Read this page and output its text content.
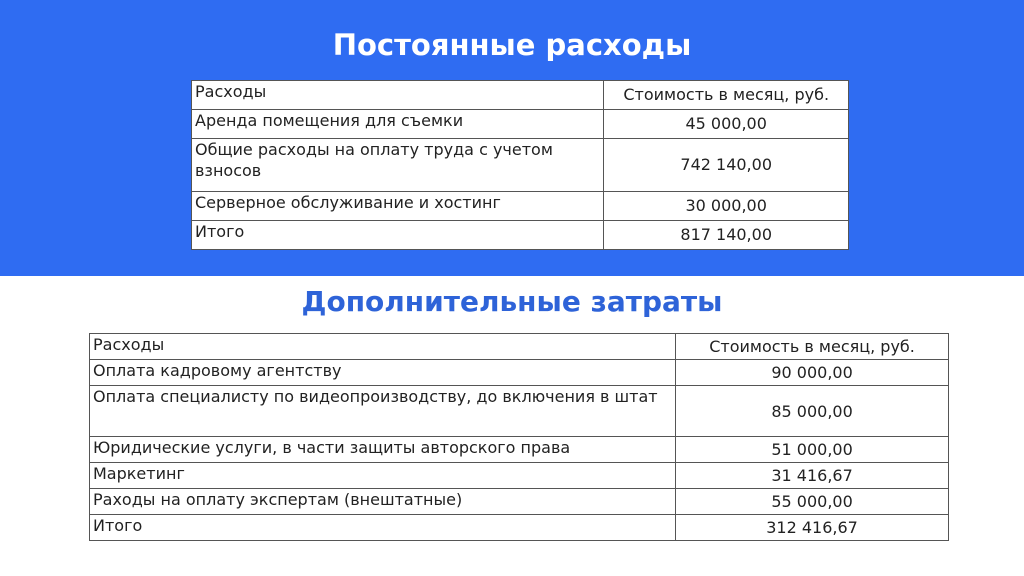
Постоянные расходы
Расходы	Стоимость в месяц, руб.
Аренда помещения для съемки	45 000,00
Общие расходы на оплату труда с учетом взносов	742 140,00
Серверное обслуживание и хостинг	30 000,00
Итого	817 140,00
Дополнительные затраты
Расходы	Стоимость в месяц, руб.
Оплата кадровому агентству	90 000,00
Оплата специалисту по видеопроизводству, до включения в штат	85 000,00
Юридические услуги, в части защиты авторского права	51 000,00
Маркетинг	31 416,67
Раходы на оплату экспертам (внештатные)	55 000,00
Итого	312 416,67
